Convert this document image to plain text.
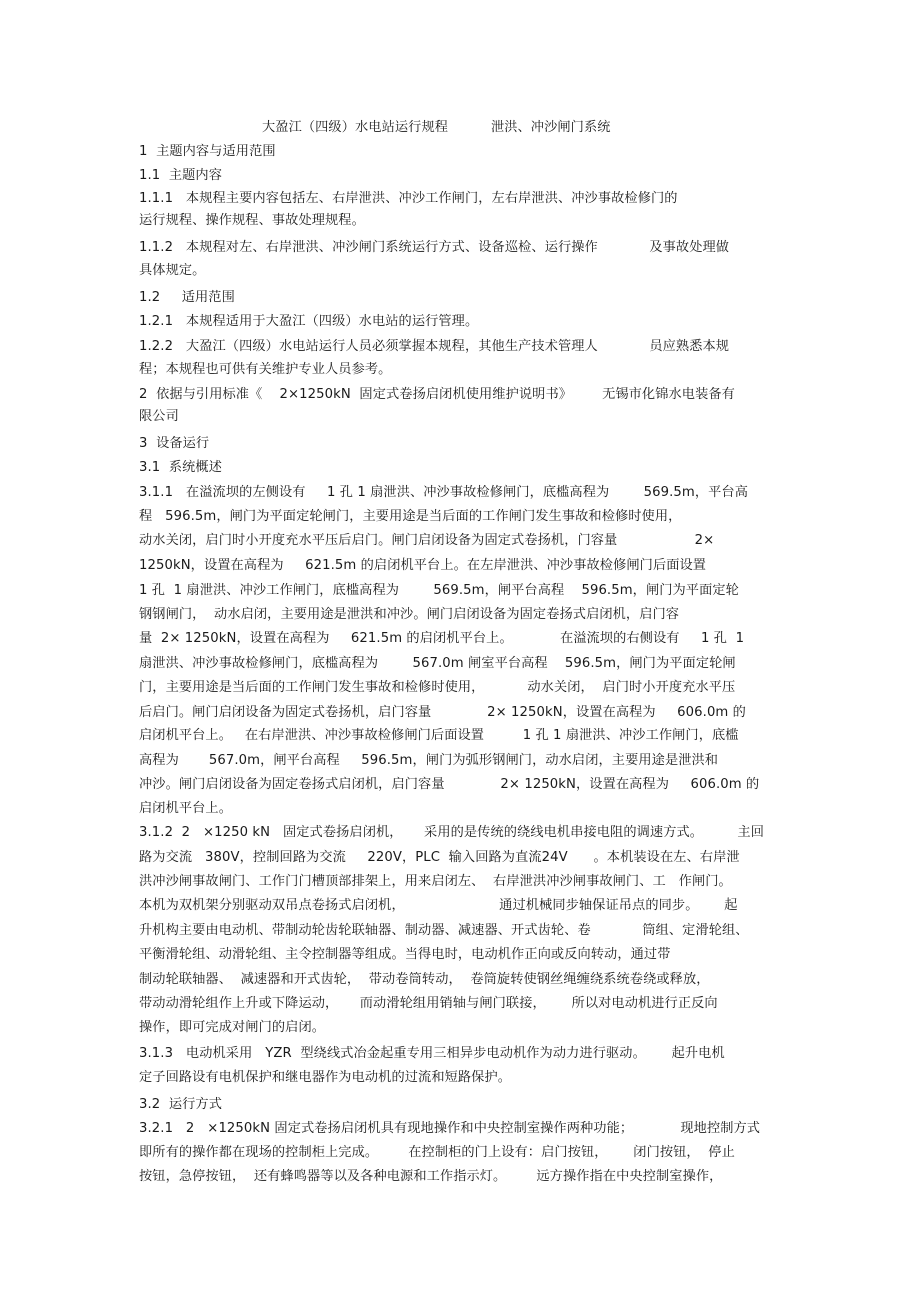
大盈江（四级）水电站运行规程          泄洪、冲沙闸门系统
1  主题内容与适用范围
1.1  主题内容
1.1.1   本规程主要内容包括左、右岸泄洪、冲沙工作闸门，左右岸泄洪、冲沙事故检修门的
运行规程、操作规程、事故处理规程。
1.1.2   本规程对左、右岸泄洪、冲沙闸门系统运行方式、设备巡检、运行操作            及事故处理做
具体规定。
1.2     适用范围
1.2.1   本规程适用于大盈江（四级）水电站的运行管理。
1.2.2   大盈江（四级）水电站运行人员必须掌握本规程，其他生产技术管理人            员应熟悉本规
程；本规程也可供有关维护专业人员参考。
2  依据与引用标准《    2×1250kN  固定式卷扬启闭机使用维护说明书》       无锡市化锦水电装备有
限公司
3  设备运行
3.1  系统概述
3.1.1   在溢流坝的左侧设有     1 孔 1 扇泄洪、冲沙事故检修闸门，底槛高程为        569.5m，平台高
程   596.5m，闸门为平面定轮闸门，主要用途是当后面的工作闸门发生事故和检修时使用，
动水关闭，启门时小开度充水平压后启门。闸门启闭设备为固定式卷扬机，门容量                  2×
1250kN，设置在高程为     621.5m 的启闭机平台上。在左岸泄洪、冲沙事故检修闸门后面设置
1 孔  1 扇泄洪、冲沙工作闸门，底槛高程为        569.5m，闸平台高程    596.5m，闸门为平面定轮
钢钢闸门，  动水启闭，主要用途是泄洪和冲沙。闸门启闭设备为固定卷扬式启闭机，启门容
量  2× 1250kN，设置在高程为     621.5m 的启闭机平台上。           在溢流坝的右侧设有     1 孔  1
扇泄洪、冲沙事故检修闸门，底槛高程为        567.0m 闸室平台高程    596.5m，闸门为平面定轮闸
门，主要用途是当后面的工作闸门发生事故和检修时使用，          动水关闭，  启门时小开度充水平压
后启门。闸门启闭设备为固定式卷扬机，启门容量             2× 1250kN，设置在高程为     606.0m 的
启闭机平台上。   在右岸泄洪、冲沙事故检修闸门后面设置         1 孔 1 扇泄洪、冲沙工作闸门，底槛
高程为       567.0m，闸平台高程     596.5m，闸门为弧形钢闸门，动水启闭，主要用途是泄洪和
冲沙。闸门启闭设备为固定卷扬式启闭机，启门容量             2× 1250kN，设置在高程为     606.0m 的
启闭机平台上。
3.1.2  2   ×1250 kN   固定式卷扬启闭机，     采用的是传统的绕线电机串接电阻的调速方式。        主回
路为交流   380V，控制回路为交流     220V，PLC  输入回路为直流24V      。本机装设在左、右岸泄
洪冲沙闸事故闸门、工作门门槽顶部排架上，用来启闭左、  右岸泄洪冲沙闸事故闸门、工   作闸门。
本机为双机架分别驱动双吊点卷扬式启闭机，                      通过机械同步轴保证吊点的同步。      起
升机构主要由电动机、带制动轮齿轮联轴器、制动器、减速器、开式齿轮、卷            筒组、定滑轮组、
平衡滑轮组、动滑轮组、主令控制器等组成。当得电时，电动机作正向或反向转动，通过带
制动轮联轴器、  减速器和开式齿轮，  带动卷筒转动，  卷筒旋转使钢丝绳缠绕系统卷绕或释放，
带动动滑轮组作上升或下降运动，     而动滑轮组用销轴与闸门联接，      所以对电动机进行正反向
操作，即可完成对闸门的启闭。
3.1.3   电动机采用   YZR  型绕线式冶金起重专用三相异步电动机作为动力进行驱动。      起升电机
定子回路设有电机保护和继电器作为电动机的过流和短路保护。
3.2  运行方式
3.2.1   2   ×1250kN 固定式卷扬启闭机具有现地操作和中央控制室操作两种功能；           现地控制方式
即所有的操作都在现场的控制柜上完成。       在控制柜的门上设有：启门按钮，      闭门按钮，  停止
按钮，急停按钮，  还有蜂鸣器等以及各种电源和工作指示灯。       远方操作指在中央控制室操作，
